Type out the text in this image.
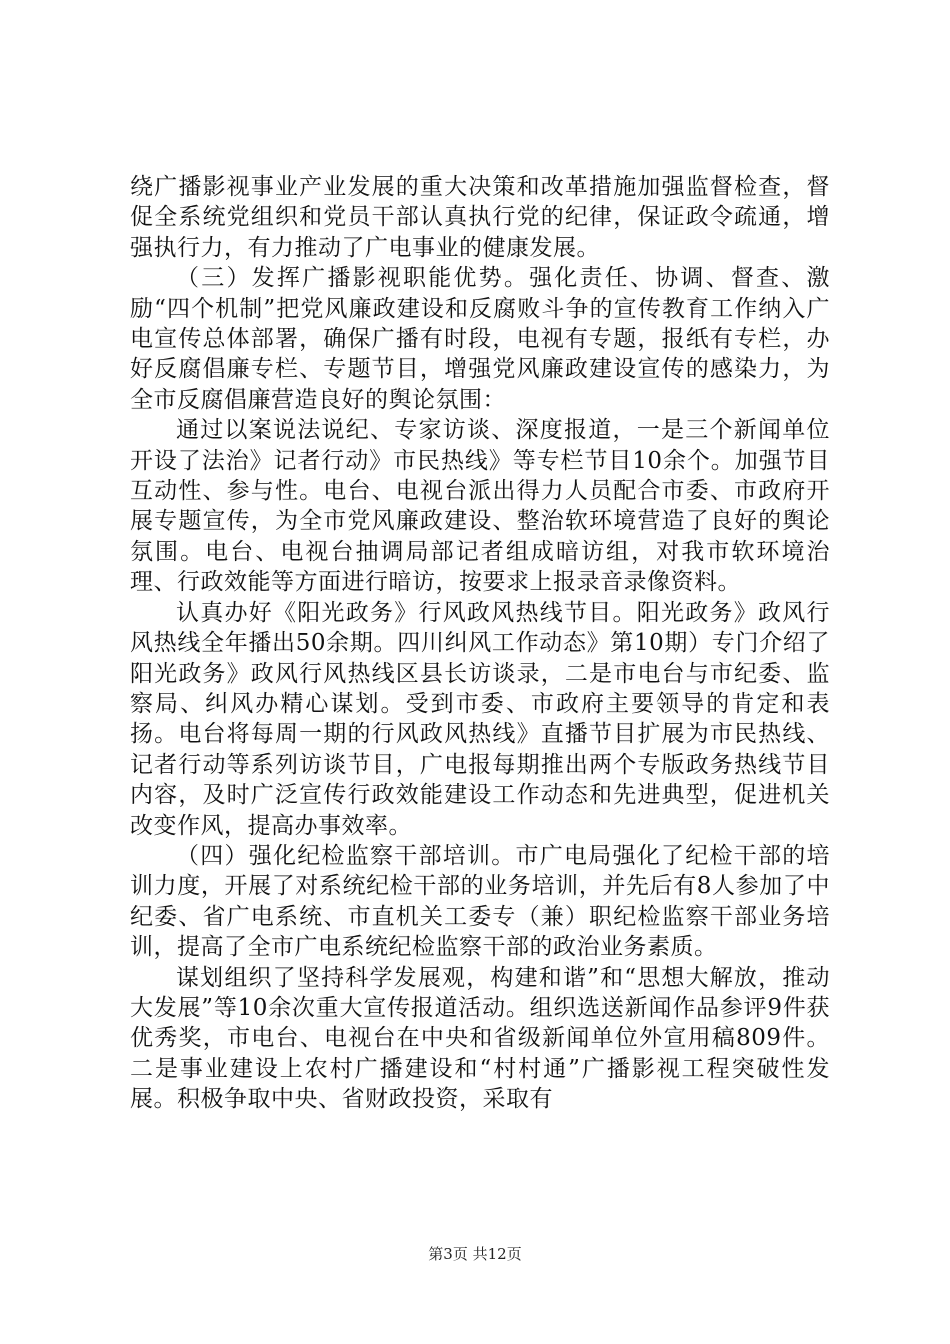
绕广播影视事业产业发展的重大决策和改革措施加强监督检查，督促全系统党组织和党员干部认真执行党的纪律，保证政令疏通，增强执行力，有力推动了广电事业的健康发展。

（三）发挥广播影视职能优势。强化责任、协调、督查、激励“四个机制”把党风廉政建设和反腐败斗争的宣传教育工作纳入广电宣传总体部署，确保广播有时段，电视有专题，报纸有专栏，办好反腐倡廉专栏、专题节目，增强党风廉政建设宣传的感染力，为全市反腐倡廉营造良好的舆论氛围：

通过以案说法说纪、专家访谈、深度报道，一是三个新闻单位开设了法治》记者行动》市民热线》等专栏节目10余个。加强节目互动性、参与性。电台、电视台派出得力人员配合市委、市政府开展专题宣传，为全市党风廉政建设、整治软环境营造了良好的舆论氛围。电台、电视台抽调局部记者组成暗访组，对我市软环境治理、行政效能等方面进行暗访，按要求上报录音录像资料。

认真办好《阳光政务》行风政风热线节目。阳光政务》政风行风热线全年播出50余期。四川纠风工作动态》第10期）专门介绍了阳光政务》政风行风热线区县长访谈录，二是市电台与市纪委、监察局、纠风办精心谋划。受到市委、市政府主要领导的肯定和表扬。电台将每周一期的行风政风热线》直播节目扩展为市民热线、记者行动等系列访谈节目，广电报每期推出两个专版政务热线节目内容，及时广泛宣传行政效能建设工作动态和先进典型，促进机关改变作风，提高办事效率。

（四）强化纪检监察干部培训。市广电局强化了纪检干部的培训力度，开展了对系统纪检干部的业务培训，并先后有8人参加了中纪委、省广电系统、市直机关工委专（兼）职纪检监察干部业务培训，提高了全市广电系统纪检监察干部的政治业务素质。

谋划组织了坚持科学发展观，构建和谐”和“思想大解放，推动大发展”等10余次重大宣传报道活动。组织选送新闻作品参评9件获优秀奖，市电台、电视台在中央和省级新闻单位外宣用稿809件。二是事业建设上农村广播建设和“村村通”广播影视工程突破性发展。积极争取中央、省财政投资，采取有

第3页 共12页
